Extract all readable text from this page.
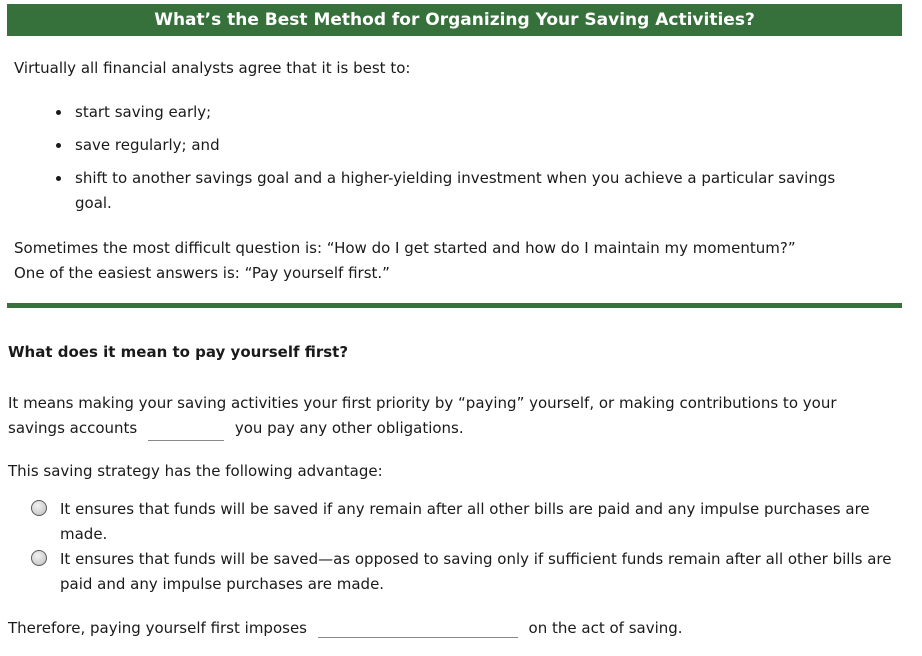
What’s the Best Method for Organizing Your Saving Activities?
Virtually all financial analysts agree that it is best to:
start saving early;
save regularly; and
shift to another savings goal and a higher-yielding investment when you achieve a particular savings goal.
Sometimes the most difficult question is: “How do I get started and how do I maintain my momentum?”
One of the easiest answers is: “Pay yourself first.”
What does it mean to pay yourself first?
It means making your saving activities your first priority by “paying” yourself, or making contributions to your savings accounts	you pay any other obligations.
This saving strategy has the following advantage:
It ensures that funds will be saved if any remain after all other bills are paid and any impulse purchases are made.
It ensures that funds will be saved—as opposed to saving only if sufficient funds remain after all other bills are paid and any impulse purchases are made.
Therefore, paying yourself first imposes	on the act of saving.
